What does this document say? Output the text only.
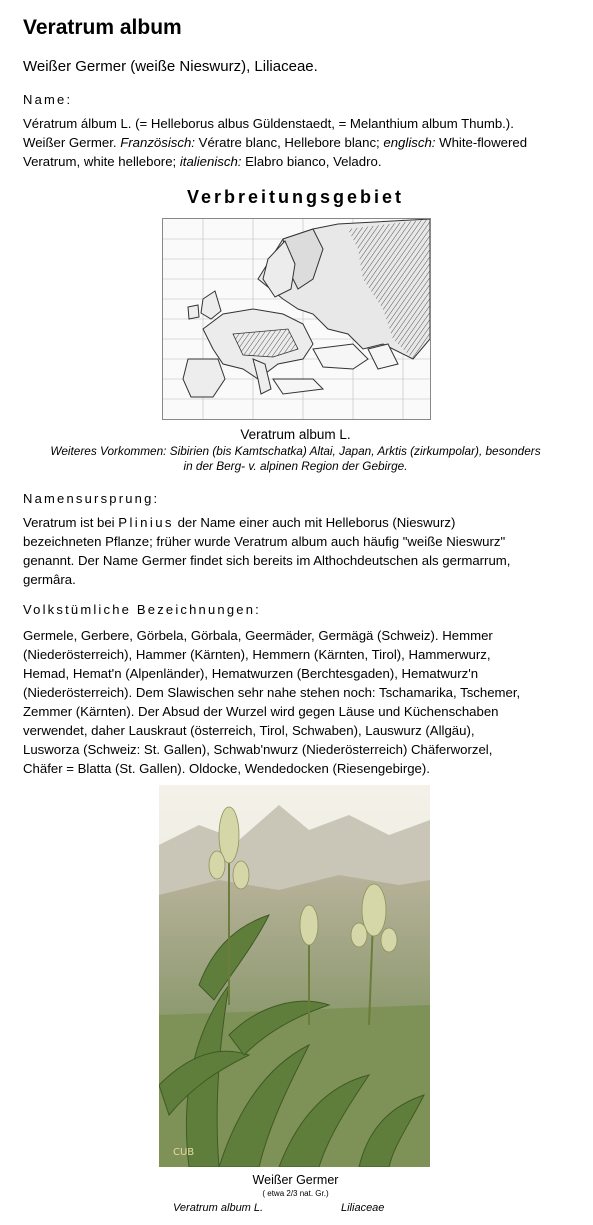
Veratrum album
Weißer Germer (weiße Nieswurz), Liliaceae.
Name:
Vératrum álbum L. (= Helleborus albus Güldenstaedt, = Melanthium album Thumb.).
Weißer Germer. Französisch: Vératre blanc, Hellebore blanc; englisch: White-flowered
Veratrum, white hellebore; italienisch: Elabro bianco, Veladro.
Verbreitungsgebiet
Veratrum album L.
Weiteres Vorkommen: Sibirien (bis Kamtschatka) Altai, Japan, Arktis (zirkumpolar), besonders
in der Berg- v. alpinen Region der Gebirge.
Namensursprung:
Veratrum ist bei Plinius der Name einer auch mit Helleborus (Nieswurz)
bezeichneten Pflanze; früher wurde Veratrum album auch häufig "weiße Nieswurz"
genannt. Der Name Germer findet sich bereits im Althochdeutschen als germarrum,
germâra.
Volkstümliche Bezeichnungen:
Germele, Gerbere, Görbela, Görbala, Geermäder, Germägä (Schweiz). Hemmer
(Niederösterreich), Hammer (Kärnten), Hemmern (Kärnten, Tirol), Hammerwurz,
Hemad, Hemat'n (Alpenländer), Hematwurzen (Berchtesgaden), Hematwurz'n
(Niederösterreich). Dem Slawischen sehr nahe stehen noch: Tschamarika, Tschemer,
Zemmer (Kärnten). Der Absud der Wurzel wird gegen Läuse und Küchenschaben
verwendet, daher Lauskraut (österreich, Tirol, Schwaben), Lauswurz (Allgäu),
Lusworza (Schweiz: St. Gallen), Schwab'nwurz (Niederösterreich) Chäferworzel,
Chäfer = Blatta (St. Gallen). Oldocke, Wendedocken (Riesengebirge).
CUB
Weißer Germer
( etwa 2/3 nat. Gr.)
Veratrum album L.	Liliaceae
